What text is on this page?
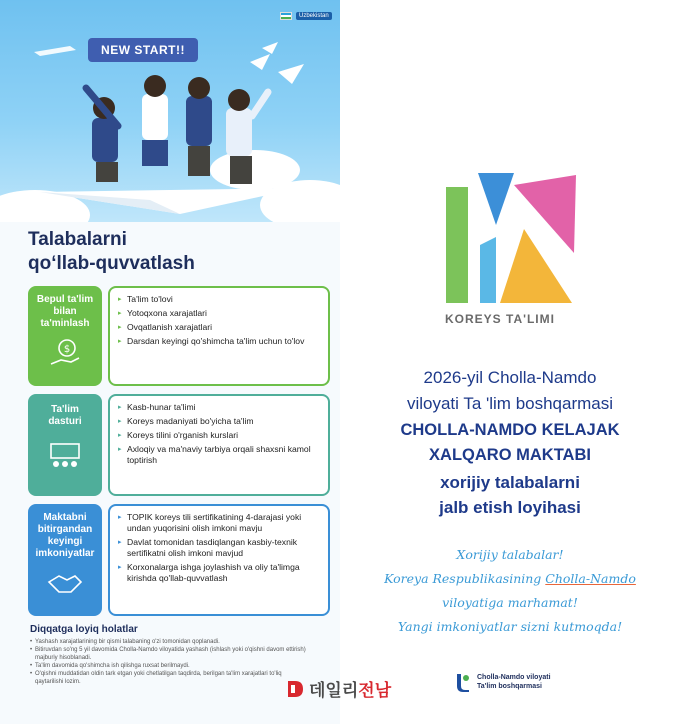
Uzbekistan
NEW START!!
Talabalarni
qo‘llab-quvvatlash
Bepul ta'lim bilan ta'minlash
$
▸ Ta'lim to'lovi
▸ Yotoqxona xarajatlari
▸ Ovqatlanish xarajatlari
▸ Darsdan keyingi qo'shimcha ta'lim uchun to'lov
Ta'lim dasturi
▸ Kasb-hunar ta'limi
▸ Koreys madaniyati bo'yicha ta'lim
▸ Koreys tilini o'rganish kurslari
▸ Axloqiy va ma'naviy tarbiya orqali shaxsni kamol toptirish
Maktabni bitirgandan keyingi imkoniyatlar
▸ TOPIK koreys tili sertifikatining 4-darajasi yoki undan yuqorisini olish imkoni mavju
▸ Davlat tomonidan tasdiqlangan kasbiy-texnik sertifikatni olish imkoni mavjud
▸ Korxonalarga ishga joylashish va oliy ta'limga kirishda qo'llab-quvvatlash
Diqqatga loyiq holatlar
• Yashash xarajatlarining bir qismi talabaning o'zi tomonidan qoplanadi.
• Bitiruvdan so'ng 5 yil davomida Cholla-Namdo viloyatida yashash (ishlash yoki o'qishni davom ettirish) majburiy hisoblanadi.
• Ta'lim davomida qo'shimcha ish qilishga ruxsat berilmaydi.
• O'qishni muddatidan oldin tark etgan yoki chetlatilgan taqdirda, berilgan ta'lim xarajatlari to'liq qaytarilishi lozim.
KOREYS TA'LIMI
2026-yil Cholla-Namdo
viloyati Ta 'lim boshqarmasi
CHOLLA-NAMDO KELAJAK
XALQARO MAKTABI
xorijiy talabalarni
jalb etish loyihasi
Xorijiy talabalar!
Koreya Respublikasining Cholla-Namdo
viloyatiga marhamat!
Yangi imkoniyatlar sizni kutmoqda!
Cholla-Namdo viloyati
Ta'lim boshqarmasi
데일리전남
